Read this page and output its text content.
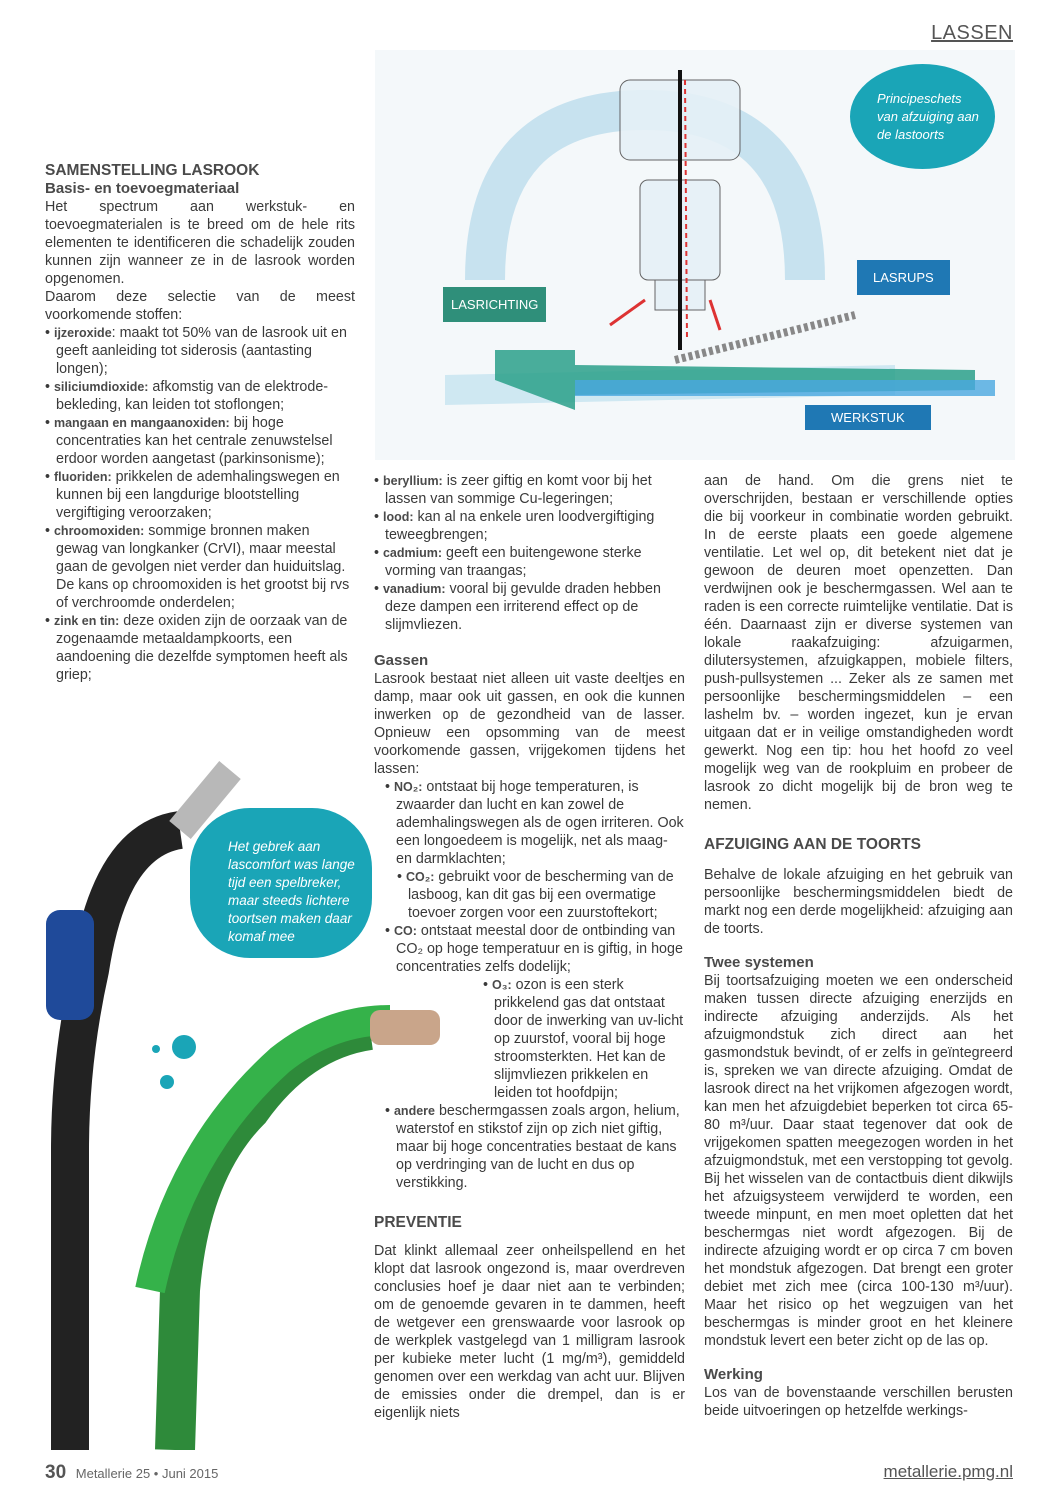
LASSEN
Principeschets van afzuiging aan de lastoorts
LASRICHTING
LASRUPS
WERKSTUK

SAMENSTELLING LASROOK

Basis- en toevoegmateriaal

Het spectrum aan werkstuk- en toevoegmaterialen is te breed om de hele rits elementen te identificeren die schadelijk zouden kunnen zijn wanneer ze in de lasrook worden opgenomen.

Daarom deze selectie van de meest voorkomende stoffen:

• ijzeroxide: maakt tot 50% van de lasrook uit en geeft aanleiding tot siderosis (aantasting longen);

• siliciumdioxide: afkomstig van de elektrode-bekleding, kan leiden tot stoflongen;

• mangaan en mangaanoxiden: bij hoge concentraties kan het centrale zenuwstelsel erdoor worden aangetast (parkinsonisme);

• fluoriden: prikkelen de ademhalingswegen en kunnen bij een langdurige blootstelling vergiftiging veroorzaken;

• chroomoxiden: sommige bronnen maken gewag van longkanker (CrVI), maar meestal gaan de gevolgen niet verder dan huiduitslag. De kans op chroomoxiden is het grootst bij rvs of verchroomde onderdelen;

• zink en tin: deze oxiden zijn de oorzaak van de zogenaamde metaaldampkoorts, een aandoening die dezelfde symptomen heeft als griep;

Het gebrek aan lascomfort was lange tijd een spelbreker, maar steeds lichtere toortsen maken daar komaf mee

• beryllium: is zeer giftig en komt voor bij het lassen van sommige Cu-legeringen;

• lood: kan al na enkele uren loodvergiftiging teweegbrengen;

• cadmium: geeft een buitengewone sterke vorming van traangas;

• vanadium: vooral bij gevulde draden hebben deze dampen een irriterend effect op de slijmvliezen.

Gassen

Lasrook bestaat niet alleen uit vaste deeltjes en damp, maar ook uit gassen, en ook die kunnen inwerken op de gezondheid van de lasser. Opnieuw een opsomming van de meest voorkomende gassen, vrijgekomen tijdens het lassen:

• NO₂: ontstaat bij hoge temperaturen, is zwaarder dan lucht en kan zowel de ademhalingswegen als de ogen irriteren. Ook een longoedeem is mogelijk, net als maag- en darmklachten;

• CO₂: gebruikt voor de bescherming van de lasboog, kan dit gas bij een overmatige toevoer zorgen voor een zuurstoftekort;

• CO: ontstaat meestal door de ontbinding van CO₂ op hoge temperatuur en is giftig, in hoge concentraties zelfs dodelijk;

• O₃: ozon is een sterk prikkelend gas dat ontstaat door de inwerking van uv-licht op zuurstof, vooral bij hoge stroomsterkten. Het kan de slijmvliezen prikkelen en leiden tot hoofdpijn;

• andere beschermgassen zoals argon, helium, waterstof en stikstof zijn op zich niet giftig, maar bij hoge concentraties bestaat de kans op verdringing van de lucht en dus op verstikking.

PREVENTIE

Dat klinkt allemaal zeer onheilspellend en het klopt dat lasrook ongezond is, maar overdreven conclusies hoef je daar niet aan te verbinden; om de genoemde gevaren in te dammen, heeft de wetgever een grenswaarde voor lasrook op de werkplek vastgelegd van 1 milligram lasrook per kubieke meter lucht (1 mg/m³), gemiddeld genomen over een werkdag van acht uur. Blijven de emissies onder die drempel, dan is er eigenlijk niets

aan de hand. Om die grens niet te overschrijden, bestaan er verschillende opties die bij voorkeur in combinatie worden gebruikt. In de eerste plaats een goede algemene ventilatie. Let wel op, dit betekent niet dat je gewoon de deuren moet openzetten. Dan verdwijnen ook je beschermgassen. Wel aan te raden is een correcte ruimtelijke ventilatie. Dat is één. Daarnaast zijn er diverse systemen van lokale raakafzuiging: afzuigarmen, dilutersystemen, afzuigkappen, mobiele filters, push-pullsystemen ... Zeker als ze samen met persoonlijke beschermingsmiddelen – een lashelm bv. – worden ingezet, kun je ervan uitgaan dat er in veilige omstandigheden wordt gewerkt. Nog een tip: hou het hoofd zo veel mogelijk weg van de rookpluim en probeer de lasrook zo dicht mogelijk bij de bron weg te nemen.

AFZUIGING AAN DE TOORTS

Behalve de lokale afzuiging en het gebruik van persoonlijke beschermingsmiddelen biedt de markt nog een derde mogelijkheid: afzuiging aan de toorts.

Twee systemen

Bij toortsafzuiging moeten we een onderscheid maken tussen directe afzuiging enerzijds en indirecte afzuiging anderzijds. Als het afzuigmondstuk zich direct aan het gasmondstuk bevindt, of er zelfs in geïntegreerd is, spreken we van directe afzuiging. Omdat de lasrook direct na het vrijkomen afgezogen wordt, kan men het afzuigdebiet beperken tot circa 65-80 m³/uur. Daar staat tegenover dat ook de vrijgekomen spatten meegezogen worden in het afzuigmondstuk, met een verstopping tot gevolg. Bij het wisselen van de contactbuis dient dikwijls het afzuigsysteem verwijderd te worden, een tweede minpunt, en men moet opletten dat het beschermgas niet wordt afgezogen. Bij de indirecte afzuiging wordt er op circa 7 cm boven het mondstuk afgezogen. Dat brengt een groter debiet met zich mee (circa 100-130 m³/uur). Maar het risico op het wegzuigen van het beschermgas is minder groot en het kleinere mondstuk levert een beter zicht op de las op.

Werking

Los van de bovenstaande verschillen berusten beide uitvoeringen op hetzelfde werkings-

30 Metallerie 25 • Juni 2015	metallerie.pmg.nl
